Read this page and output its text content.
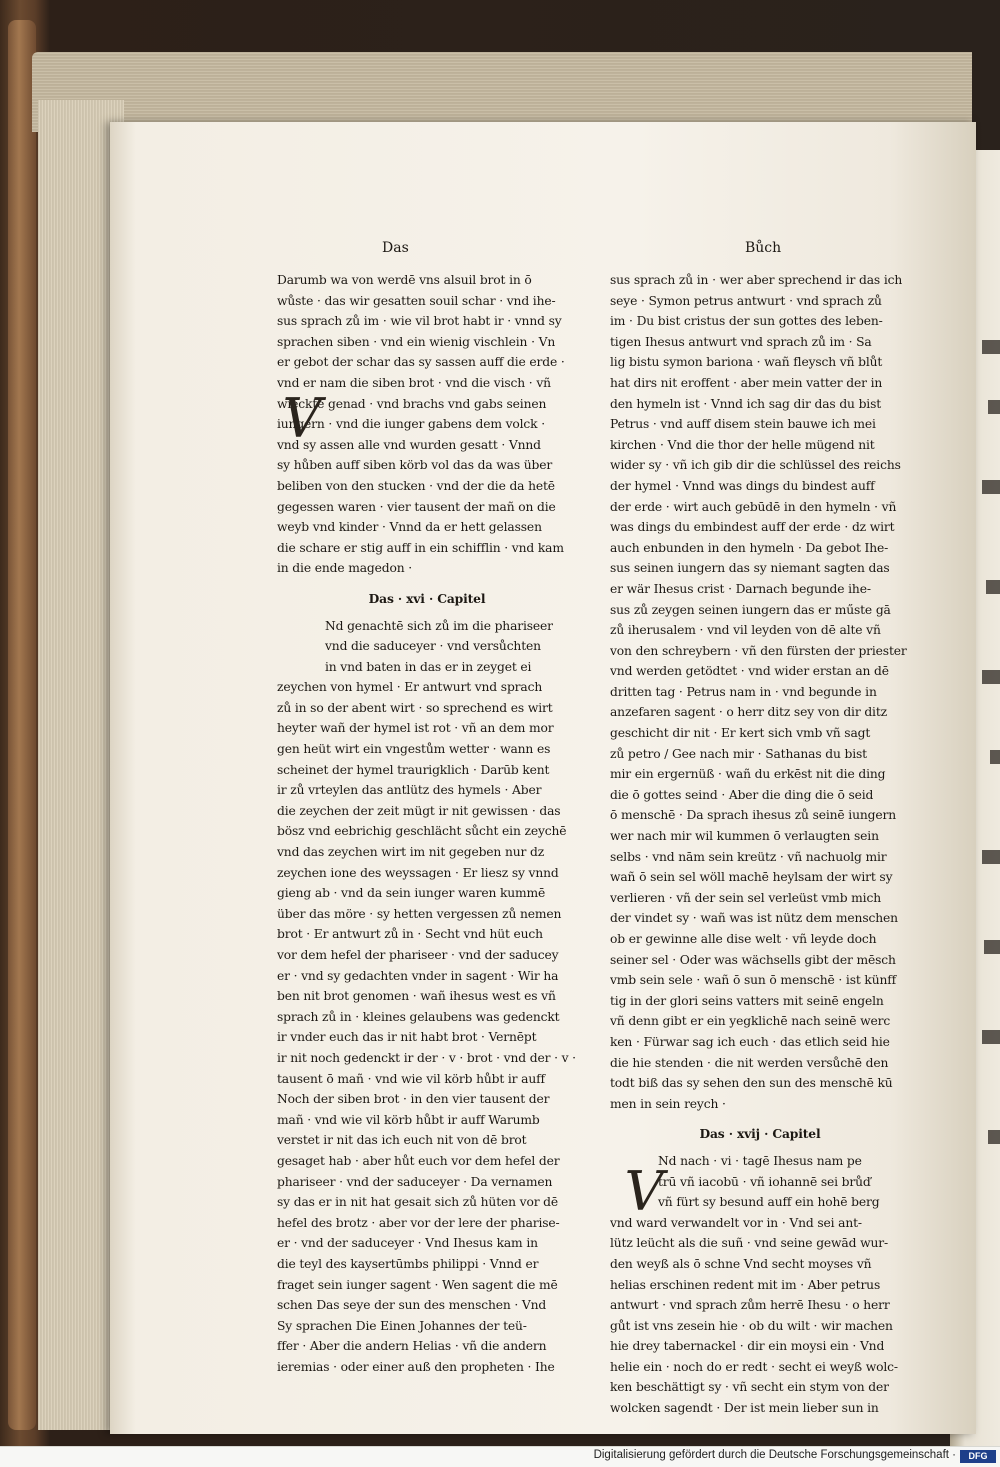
Das	Bůch
Darumb wa von werdē vns alsuil brot in ō
wůste · das wir gesatten souil schar · vnd ihe-
sus sprach zů im · wie vil brot habt ir · vnnd sy
sprachen siben · vnd ein wienig vischlein · Vn
er gebot der schar das sy sassen auff die erde ·
vnd er nam die siben brot · vnd die visch · vñ
wieckte genad · vnd brachs vnd gabs seinen
iungern · vnd die iunger gabens dem volck ·
vnd sy assen alle vnd wurden gesatt · Vnnd
sy hůben auff siben körb vol das da was über
beliben von den stucken · vnd der die da hetē
gegessen waren · vier tausent der mañ on die
weyb vnd kinder · Vnnd da er hett gelassen
die schare er stig auff in ein schifflin · vnd kam
in die ende magedon ·
Das · xvi · Capitel
Nd genachtē sich zů im die phariseer
vnd die saduceyer · vnd versůchten
in vnd baten in das er in zeyget ei
zeychen von hymel · Er antwurt vnd sprach
zů in so der abent wirt · so sprechend es wirt
heyter wañ der hymel ist rot · vñ an dem mor
gen heüt wirt ein vngestům wetter · wann es
scheinet der hymel traurigklich · Darūb kent
ir zů vrteylen das antlütz des hymels · Aber
die zeychen der zeit mügt ir nit gewissen · das
bösz vnd eebrichig geschlächt sůcht ein zeychē
vnd das zeychen wirt im nit gegeben nur dz
zeychen ione des weyssagen · Er liesz sy vnnd
gieng ab · vnd da sein iunger waren kummē
über das möre · sy hetten vergessen zů nemen
brot · Er antwurt zů in · Secht vnd hüt euch
vor dem hefel der phariseer · vnd der saducey
er · vnd sy gedachten vnder in sagent · Wir ha
ben nit brot genomen · wañ ihesus west es vñ
sprach zů in · kleines gelaubens was gedenckt
ir vnder euch das ir nit habt brot · Vernēpt
ir nit noch gedenckt ir der · v · brot · vnd der · v ·
tausent ō mañ · vnd wie vil körb hůbt ir auff
Noch der siben brot · in den vier tausent der
mañ · vnd wie vil körb hůbt ir auff Warumb
verstet ir nit das ich euch nit von dē brot
gesaget hab · aber hůt euch vor dem hefel der
phariseer · vnd der saduceyer · Da vernamen
sy das er in nit hat gesait sich zů hüten vor dē
hefel des brotz · aber vor der lere der pharise-
er · vnd der saduceyer · Vnd Ihesus kam in
die teyl des kaysertūmbs philippi · Vnnd er
fraget sein iunger sagent · Wen sagent die mē
schen Das seye der sun des menschen · Vnd
Sy sprachen Die Einen Johannes der teü-
ffer · Aber die andern Helias · vñ die andern
ieremias · oder einer auß den propheten · Ihe
V
sus sprach zů in · wer aber sprechend ir das ich
seye · Symon petrus antwurt · vnd sprach zů
im · Du bist cristus der sun gottes des leben-
tigen Ihesus antwurt vnd sprach zů im · Sa
lig bistu symon bariona · wañ fleysch vñ blůt
hat dirs nit eroffent · aber mein vatter der in
den hymeln ist · Vnnd ich sag dir das du bist
Petrus · vnd auff disem stein bauwe ich mei
kirchen · Vnd die thor der helle mügend nit
wider sy · vñ ich gib dir die schlüssel des reichs
der hymel · Vnnd was dings du bindest auff
der erde · wirt auch gebūdē in den hymeln · vñ
was dings du embindest auff der erde · dz wirt
auch enbunden in den hymeln · Da gebot Ihe-
sus seinen iungern das sy niemant sagten das
er wär Ihesus crist · Darnach begunde ihe-
sus zů zeygen seinen iungern das er műste gā
zů iherusalem · vnd vil leyden von dē alte vñ
von den schreybern · vñ den fürsten der priester
vnd werden getödtet · vnd wider erstan an dē
dritten tag · Petrus nam in · vnd begunde in
anzefaren sagent · o herr ditz sey von dir ditz
geschicht dir nit · Er kert sich vmb vñ sagt
zů petro / Gee nach mir · Sathanas du bist
mir ein ergernüß · wañ du erkēst nit die ding
die ō gottes seind · Aber die ding die ō seid
ō menschē · Da sprach ihesus zů seinē iungern
wer nach mir wil kummen ō verlaugten sein
selbs · vnd nām sein kreütz · vñ nachuolg mir
wañ ō sein sel wöll machē heylsam der wirt sy
verlieren · vñ der sein sel verleüst vmb mich
der vindet sy · wañ was ist nütz dem menschen
ob er gewinne alle dise welt · vñ leyde doch
seiner sel · Oder was wächsells gibt der mēsch
vmb sein sele · wañ ō sun ō menschē · ist künff
tig in der glori seins vatters mit seinē engeln
vñ denn gibt er ein yegklichē nach seinē werc
ken · Fürwar sag ich euch · das etlich seid hie
die hie stenden · die nit werden versůchē den
todt biß das sy sehen den sun des menschē kū
men in sein reych ·
Das · xvij · Capitel
Nd nach · vi · tagē Ihesus nam pe
trū vñ iacobū · vñ iohannē sei brůď
vñ fürt sy besund auff ein hohē berg
vnd ward verwandelt vor in · Vnd sei ant-
lütz leücht als die suñ · vnd seine gewād wur-
den weyß als ō schne Vnd secht moyses vñ
helias erschinen redent mit im · Aber petrus
antwurt · vnd sprach zům herrē Ihesu · o herr
gůt ist vns zesein hie · ob du wilt · wir machen
hie drey tabernackel · dir ein moysi ein · Vnd
helie ein · noch do er redt · secht ei weyß wolc-
ken beschättigt sy · vñ secht ein stym von der
wolcken sagendt · Der ist mein lieber sun in
V
Digitalisierung gefördert durch die Deutsche Forschungsgemeinschaft ·	DFG
